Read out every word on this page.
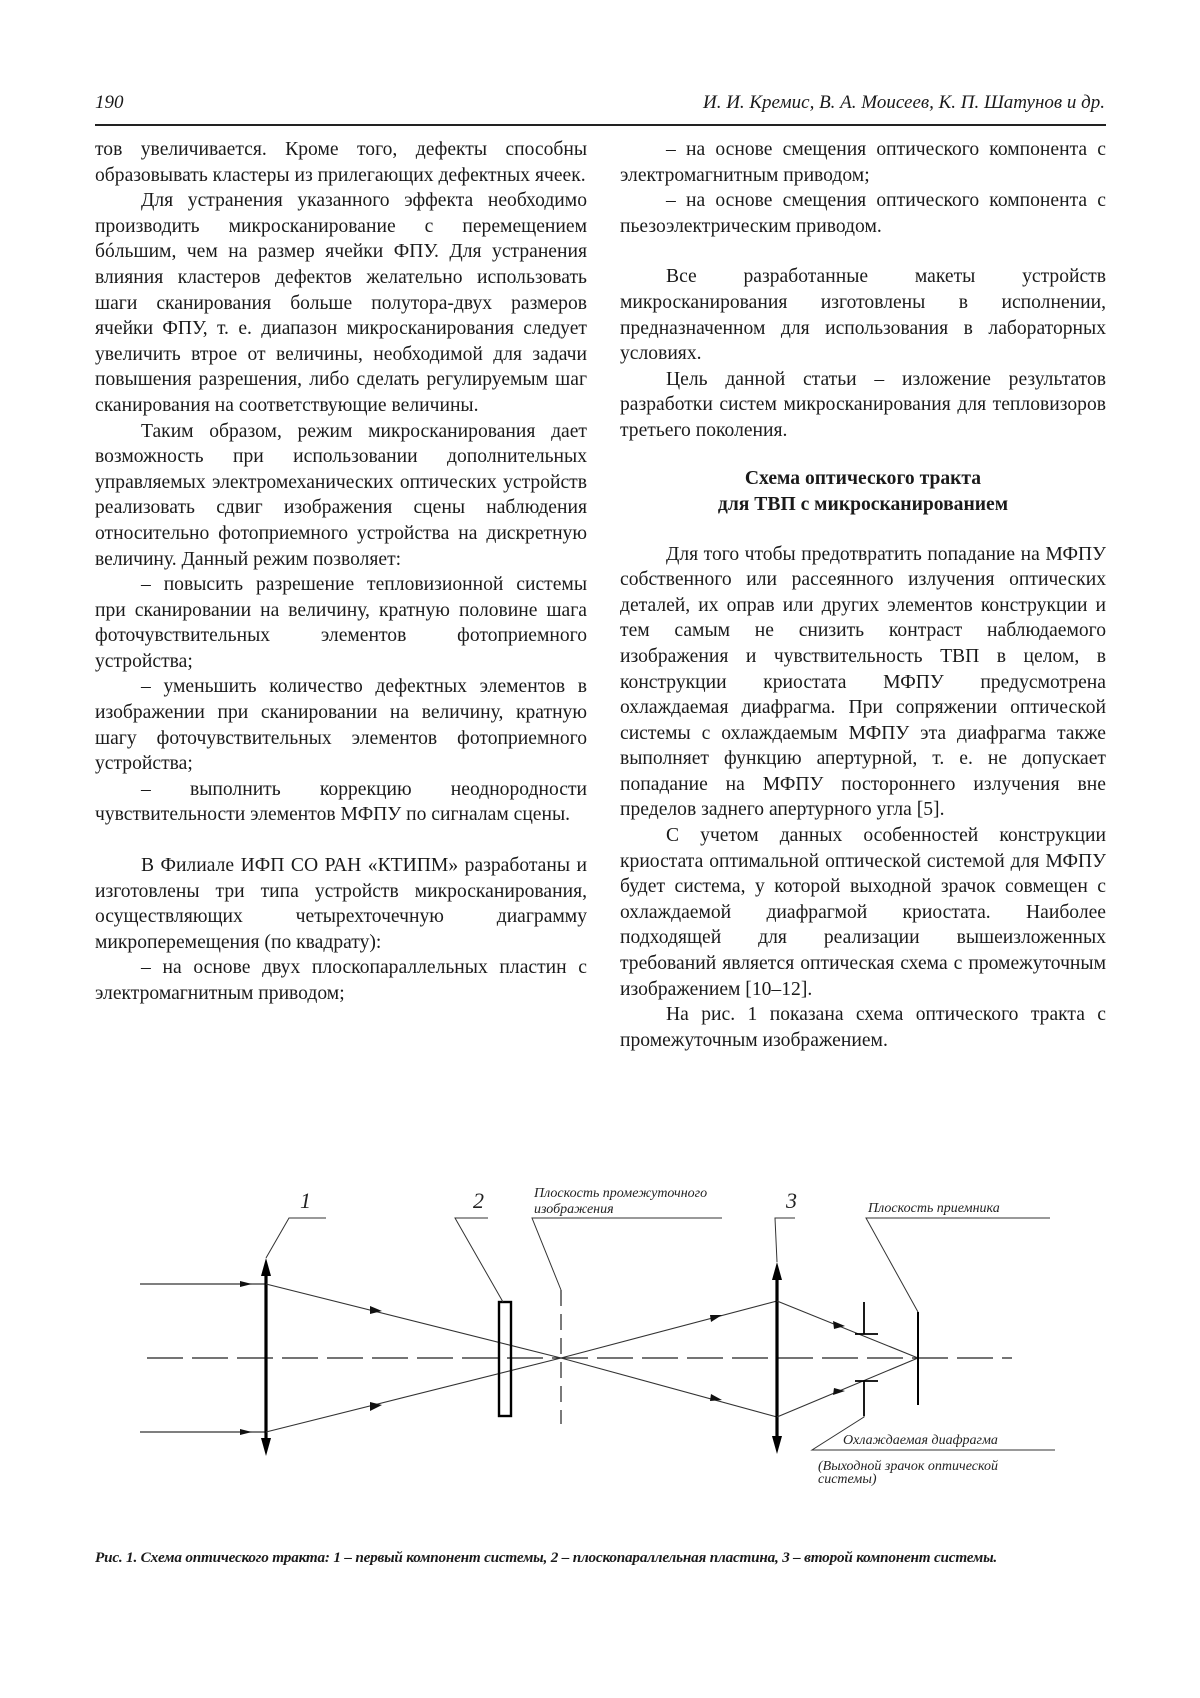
190	И. И. Кремис, В. А. Моисеев, К. П. Шатунов и др.

тов увеличивается. Кроме того, дефекты способны образовывать кластеры из прилегающих дефектных ячеек.

Для устранения указанного эффекта необходимо производить микросканирование с перемещением бóльшим, чем на размер ячейки ФПУ. Для устранения влияния кластеров дефектов желательно использовать шаги сканирования больше полутора-двух размеров ячейки ФПУ, т. е. диапазон микросканирования следует увеличить втрое от величины, необходимой для задачи повышения разрешения, либо сделать регулируемым шаг сканирования на соответствующие величины.

Таким образом, режим микросканирования дает возможность при использовании дополнительных управляемых электромеханических оптических устройств реализовать сдвиг изображения сцены наблюдения относительно фотоприемного устройства на дискретную величину. Данный режим позволяет:

– повысить разрешение тепловизионной системы при сканировании на величину, кратную половине шага фоточувствительных элементов фотоприемного устройства;

– уменьшить количество дефектных элементов в изображении при сканировании на величину, кратную шагу фоточувствительных элементов фотоприемного устройства;

– выполнить коррекцию неоднородности чувствительности элементов МФПУ по сигналам сцены.

В Филиале ИФП СО РАН «КТИПМ» разработаны и изготовлены три типа устройств микросканирования, осуществляющих четырехточечную диаграмму микроперемещения (по квадрату):

– на основе двух плоскопараллельных пластин с электромагнитным приводом;

– на основе смещения оптического компонента с электромагнитным приводом;

– на основе смещения оптического компонента с пьезоэлектрическим приводом.

Все разработанные макеты устройств микросканирования изготовлены в исполнении, предназначенном для использования в лабораторных условиях.

Цель данной статьи – изложение результатов разработки систем микросканирования для тепловизоров третьего поколения.

Схема оптического тракта
для ТВП с микросканированием

Для того чтобы предотвратить попадание на МФПУ собственного или рассеянного излучения оптических деталей, их оправ или других элементов конструкции и тем самым не снизить контраст наблюдаемого изображения и чувствительность ТВП в целом, в конструкции криостата МФПУ предусмотрена охлаждаемая диафрагма. При сопряжении оптической системы с охлаждаемым МФПУ эта диафрагма также выполняет функцию апертурной, т. е. не допускает попадание на МФПУ постороннего излучения вне пределов заднего апертурного угла [5].

С учетом данных особенностей конструкции криостата оптимальной оптической системой для МФПУ будет система, у которой выходной зрачок совмещен с охлаждаемой диафрагмой криостата. Наиболее подходящей для реализации вышеизложенных требований является оптическая схема с промежуточным изображением [10–12].

На рис. 1 показана схема оптического тракта с промежуточным изображением.

1	2	3
Плоскость промежуточного
изображения	Плоскость приемника
Охлаждаемая диафрагма
(Выходной зрачок оптической
системы)
Рис. 1. Схема оптического тракта: 1 – первый компонент системы, 2 – плоскопараллельная пластина, 3 – второй компонент системы.
